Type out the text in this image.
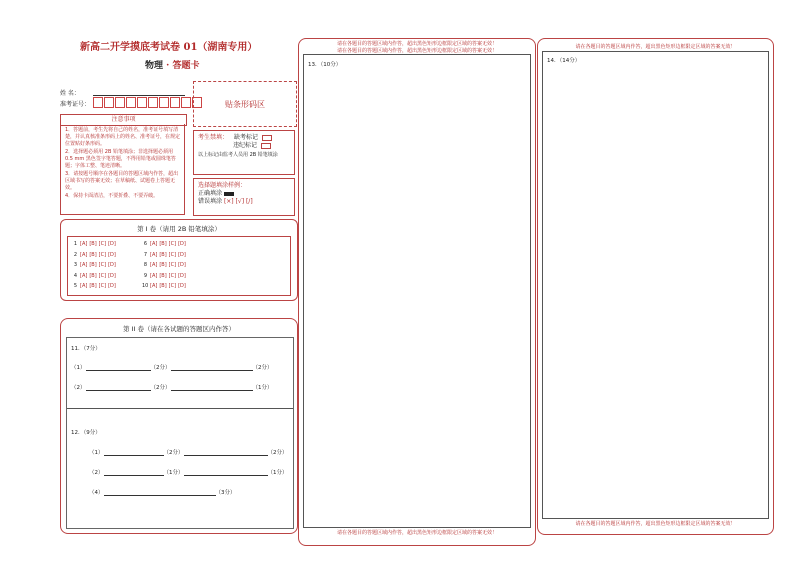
新高二开学摸底考试卷 01（湖南专用）
物理 · 答题卡
姓 名：
准考证号：	贴条形码区
注意事项

1．答题前，考生先将自己的姓名，准考证号填写清楚，并认真核准条形码上的姓名、准考证号，在规定位置贴好条形码。

2．选择题必须用 2B 铅笔填涂；非选择题必须用 0.5 mm 黑色签字笔答题，不得用铅笔或圆珠笔答题；字体工整、笔迹清晰。

3．请按题号顺序在各题目的答题区域内作答，超出区域书写的答案无效；在草稿纸、试题卷上答题无效。

4．保持卡面清洁，不要折叠、不要弄破。

考生禁填： 缺考标记
违纪标记
以上标记由监考人员用 2B 铅笔填涂
选择题填涂样例：
正确填涂
错误填涂 [×] [√] [/]
第 I 卷（请用 2B 铅笔填涂）
1 [A] [B] [C] [D]
2 [A] [B] [C] [D]
3 [A] [B] [C] [D]
4 [A] [B] [C] [D]
5 [A] [B] [C] [D]
6 [A] [B] [C] [D]
7 [A] [B] [C] [D]
8 [A] [B] [C] [D]
9 [A] [B] [C] [D]
10 [A] [B] [C] [D]
第 II 卷（请在各试题的答题区内作答）
11．（7分）
（1）	（2分）	（2分）
（2）	（2分）	（1分）
12．（9分）
（1）	（2分）	（2分）
（2）	（1分）	（1分）
（4）	（3分）
请在各题目的答题区域内作答，超出黑色矩形边框限定区域的答案无效！
请在各题目的答题区域内作答，超出黑色矩形边框限定区域的答案无效！
13．（10分）
请在各题目的答题区域内作答，超出黑色矩形边框限定区域的答案无效！
请在各题目的答题区域内作答，超出黑色矩形边框限定区域的答案无效！
14．（14分）
请在各题目的答题区域内作答，超出黑色矩形边框限定区域的答案无效！
